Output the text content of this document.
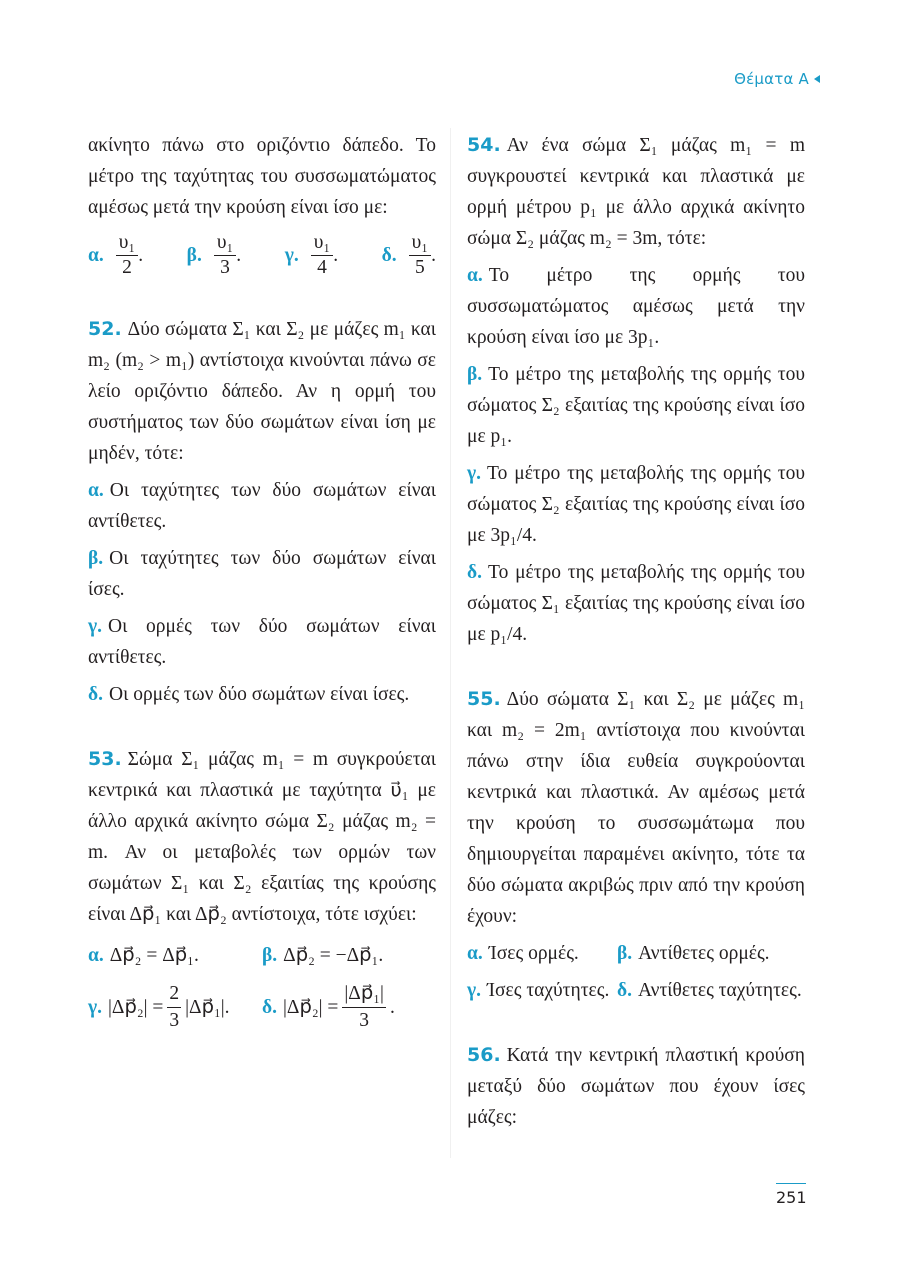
Θέματα Α

ακίνητο πάνω στο οριζόντιο δάπεδο. Το μέτρο της ταχύτητας του συσσωματώματος αμέσως μετά την κρούση είναι ίσο με:

α. $\frac{\text{υ₁}}{2}$ . β. $\frac{\text{υ₁}}{3}$ . γ. $\frac{\text{υ₁}}{4}$ . δ. $\frac{\text{υ₁}}{5}$ .

52. Δύο σώματα Σ₁ και Σ₂ με μάζες m₁ και m₂ (m₂ > m₁) αντίστοιχα κινούνται πάνω σε λείο οριζόντιο δάπεδο. Αν η ορμή του συστήματος των δύο σωμάτων είναι ίση με μηδέν, τότε:

α. Οι ταχύτητες των δύο σωμάτων είναι αντίθετες.

β. Οι ταχύτητες των δύο σωμάτων είναι ίσες.

γ. Οι ορμές των δύο σωμάτων είναι αντίθετες.

δ. Οι ορμές των δύο σωμάτων είναι ίσες.

53. Σώμα Σ₁ μάζας m₁ = m συγκρούεται κεντρικά και πλαστικά με ταχύτητα υ⃗₁ με άλλο αρχικά ακίνητο σώμα Σ₂ μάζας m₂ = m. Αν οι μεταβολές των ορμών των σωμάτων Σ₁ και Σ₂ εξαιτίας της κρούσης είναι Δp⃗₁ και Δp⃗₂ αντίστοιχα, τότε ισχύει:

α. Δp⃗₂ = Δp⃗₁.	β. Δp⃗₂ = −Δp⃗₁.
γ. |Δp⃗₂| = $\frac{2}{3}$ |Δp⃗₁|. δ. |Δp⃗₂| = $\frac{\text{|Δp⃗₁|}}{3}$ .

54. Αν ένα σώμα Σ₁ μάζας m₁ = m συγκρουστεί κεντρικά και πλαστικά με ορμή μέτρου p₁ με άλλο αρχικά ακίνητο σώμα Σ₂ μάζας m₂ = 3m, τότε:

α. Το μέτρο της ορμής του συσσωματώματος αμέσως μετά την κρούση είναι ίσο με 3p₁.

β. Το μέτρο της μεταβολής της ορμής του σώματος Σ₂ εξαιτίας της κρούσης είναι ίσο με p₁.

γ. Το μέτρο της μεταβολής της ορμής του σώματος Σ₂ εξαιτίας της κρούσης είναι ίσο με 3p₁/4.

δ. Το μέτρο της μεταβολής της ορμής του σώματος Σ₁ εξαιτίας της κρούσης είναι ίσο με p₁/4.

55. Δύο σώματα Σ₁ και Σ₂ με μάζες m₁ και m₂ = 2m₁ αντίστοιχα που κινούνται πάνω στην ίδια ευθεία συγκρούονται κεντρικά και πλαστικά. Αν αμέσως μετά την κρούση το συσσωμάτωμα που δημιουργείται παραμένει ακίνητο, τότε τα δύο σώματα ακριβώς πριν από την κρούση έχουν:

α. Ίσες ορμές.	β. Αντίθετες ορμές.
γ. Ίσες ταχύτητες. δ. Αντίθετες ταχύτητες.

56. Κατά την κεντρική πλαστική κρούση μεταξύ δύο σωμάτων που έχουν ίσες μάζες:

251
